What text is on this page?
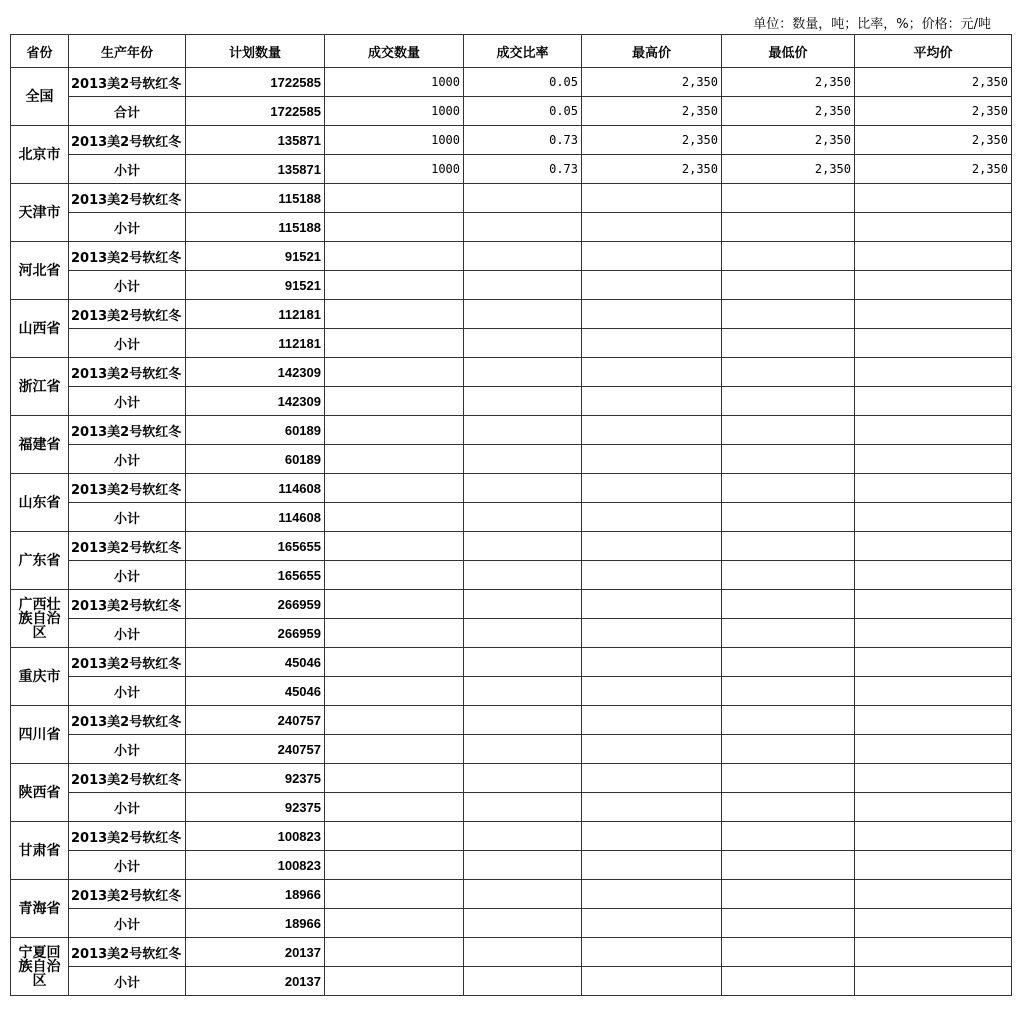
单位：数量，吨；比率，%；价格：元/吨
省份	生产年份	计划数量	成交数量	成交比率	最高价	最低价	平均价
全国	2013美2号软红冬	1722585	1000	0.05	2,350	2,350	2,350
	合计	1722585	1000	0.05	2,350	2,350	2,350
北京市	2013美2号软红冬	135871	1000	0.73	2,350	2,350	2,350
	小计	135871	1000	0.73	2,350	2,350	2,350
天津市	2013美2号软红冬	115188					
	小计	115188					
河北省	2013美2号软红冬	91521					
	小计	91521					
山西省	2013美2号软红冬	112181					
	小计	112181					
浙江省	2013美2号软红冬	142309					
	小计	142309					
福建省	2013美2号软红冬	60189					
	小计	60189					
山东省	2013美2号软红冬	114608					
	小计	114608					
广东省	2013美2号软红冬	165655					
	小计	165655					
广西壮族自治区	2013美2号软红冬	266959					
	小计	266959					
重庆市	2013美2号软红冬	45046					
	小计	45046					
四川省	2013美2号软红冬	240757					
	小计	240757					
陕西省	2013美2号软红冬	92375					
	小计	92375					
甘肃省	2013美2号软红冬	100823					
	小计	100823					
青海省	2013美2号软红冬	18966					
	小计	18966					
宁夏回族自治区	2013美2号软红冬	20137					
	小计	20137					
